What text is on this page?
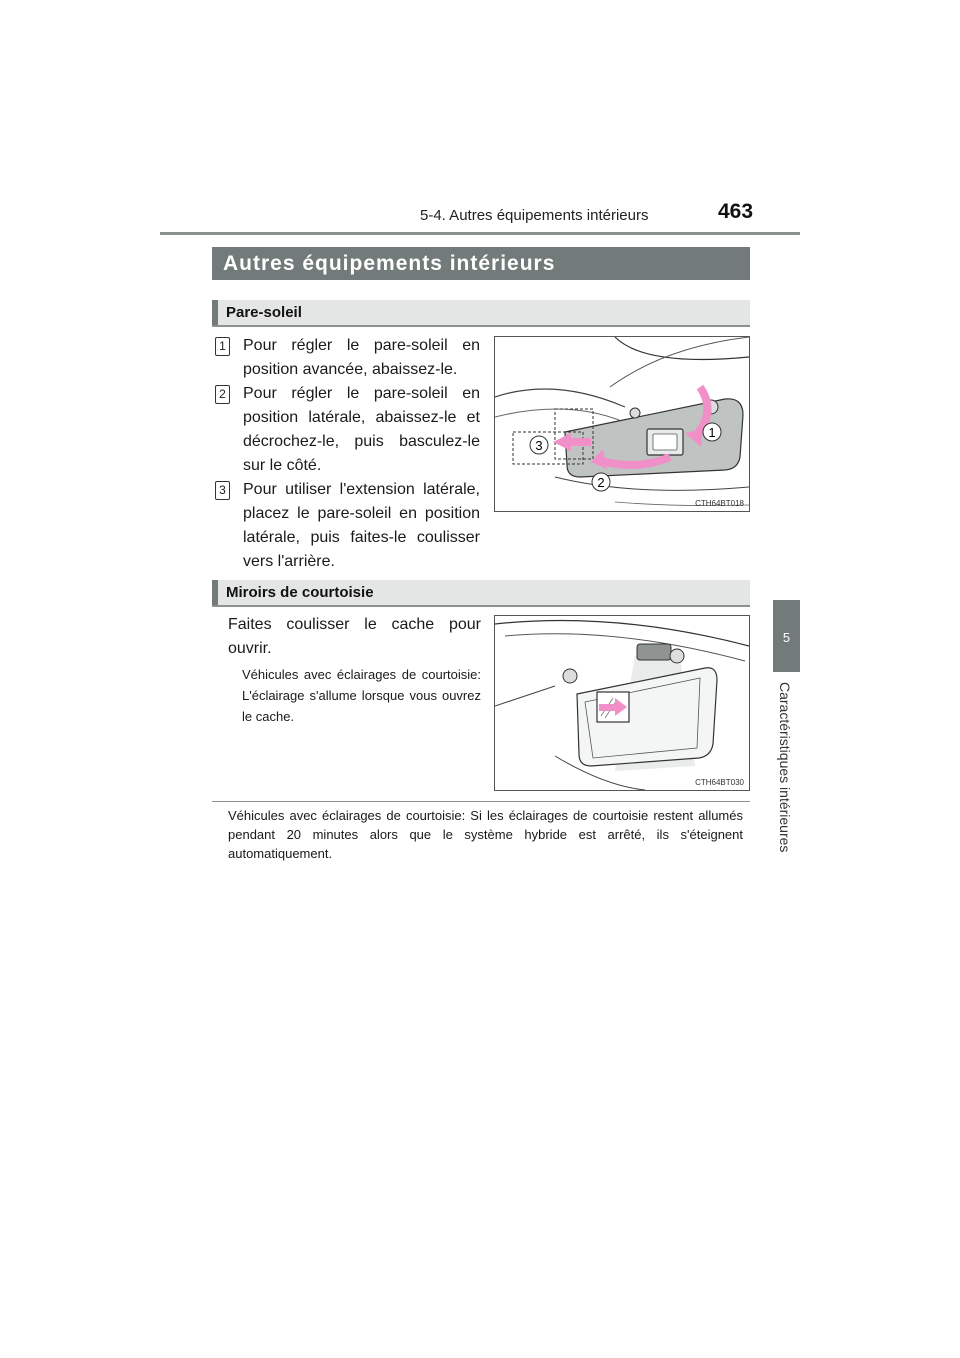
5-4. Autres équipements intérieurs	463
5
Caractéristiques intérieures
Autres équipements intérieurs
Pare-soleil
1 Pour régler le pare-soleil en position avancée, abaissez-le.
2 Pour régler le pare-soleil en position latérale, abaissez-le et décrochez-le, puis basculez-le sur le côté.
3 Pour utiliser l'extension latérale, placez le pare-soleil en position latérale, puis faites-le coulisser vers l'arrière.
1
2
3
CTH64BT018
Miroirs de courtoisie
Faites coulisser le cache pour ouvrir.
Véhicules avec éclairages de courtoisie: L'éclairage s'allume lorsque vous ouvrez le cache.
CTH64BT030
Véhicules avec éclairages de courtoisie: Si les éclairages de courtoisie restent allumés pendant 20 minutes alors que le système hybride est arrêté, ils s'éteignent automatiquement.
